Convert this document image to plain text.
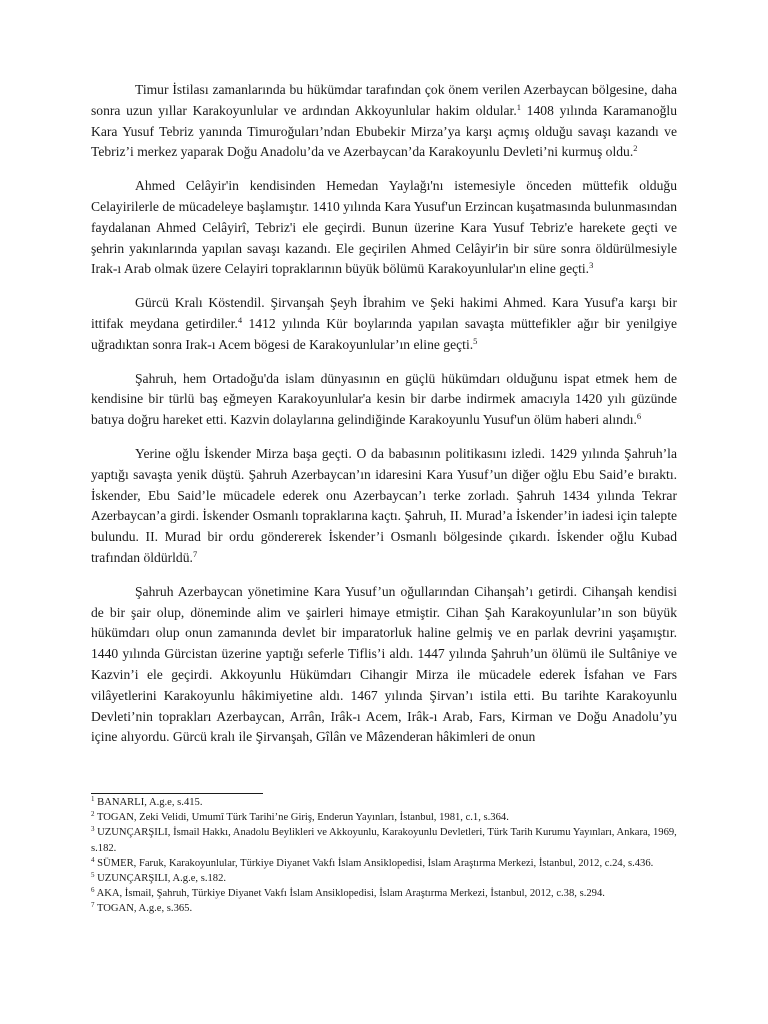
Timur İstilası zamanlarında bu hükümdar tarafından çok önem verilen Azerbaycan bölgesine, daha sonra uzun yıllar Karakoyunlular ve ardından Akkoyunlular hakim oldular.$^1$ 1408 yılında Karamanoğlu Kara Yusuf Tebriz yanında Timuroğuları’ndan Ebubekir Mirza’ya karşı açmış olduğu savaşı kazandı ve Tebriz’i merkez yaparak Doğu Anadolu’da ve Azerbaycan’da Karakoyunlu Devleti’ni kurmuş oldu.$^2$

Ahmed Celâyir'in kendisinden Hemedan Yaylağı'nı istemesiyle önceden müttefik olduğu Celayirilerle de mücadeleye başlamıştır. 1410 yılında Kara Yusuf'un Erzincan kuşatmasında bulunmasından faydalanan Ahmed Celâyirî, Tebriz'i ele geçirdi. Bunun üzerine Kara Yusuf Tebriz'e harekete geçti ve şehrin yakınlarında yapılan savaşı kazandı. Ele geçirilen Ahmed Celâyir'in bir süre sonra öldürülmesiyle Irak-ı Arab olmak üzere Celayiri topraklarının büyük bölümü Karakoyunlular'ın eline geçti.$^3$

Gürcü Kralı Köstendil. Şirvanşah Şeyh İbrahim ve Şeki hakimi Ahmed. Kara Yusuf'a karşı bir ittifak meydana getirdiler.$^4$ 1412 yılında Kür boylarında yapılan savaşta müttefikler ağır bir yenilgiye uğradıktan sonra Irak-ı Acem bögesi de Karakoyunlular’ın eline geçti.$^5$

Şahruh, hem Ortadoğu'da islam dünyasının en güçlü hükümdarı olduğunu ispat etmek hem de kendisine bir türlü baş eğmeyen Karakoyunlular'a kesin bir darbe indirmek amacıyla 1420 yılı güzünde batıya doğru hareket etti. Kazvin dolaylarına gelindiğinde Karakoyunlu Yusuf'un ölüm haberi alındı.$^6$

Yerine oğlu İskender Mirza başa geçti. O da babasının politikasını izledi. 1429 yılında Şahruh’la yaptığı savaşta yenik düştü. Şahruh Azerbaycan’ın idaresini Kara Yusuf’un diğer oğlu Ebu Said’e bıraktı. İskender, Ebu Said’le mücadele ederek onu Azerbaycan’ı terke zorladı. Şahruh 1434 yılında Tekrar Azerbaycan’a girdi. İskender Osmanlı topraklarına kaçtı. Şahruh, II. Murad’a İskender’in iadesi için talepte bulundu. II. Murad bir ordu göndererek İskender’i Osmanlı bölgesinde çıkardı. İskender oğlu Kubad trafından öldürldü.$^7$

Şahruh Azerbaycan yönetimine Kara Yusuf’un oğullarından Cihanşah’ı getirdi. Cihanşah kendisi de bir şair olup, döneminde alim ve şairleri himaye etmiştir. Cihan Şah Karakoyunlular’ın son büyük hükümdarı olup onun zamanında devlet bir imparatorluk haline gelmiş ve en parlak devrini yaşamıştır. 1440 yılında Gürcistan üzerine yaptığı seferle Tiflis’i aldı. 1447 yılında Şahruh’un ölümü ile Sultâniye ve Kazvin’i ele geçirdi. Akkoyunlu Hükümdarı Cihangir Mirza ile mücadele ederek İsfahan ve Fars vilâyetlerini Karakoyunlu hâkimiyetine aldı. 1467 yılında Şirvan’ı istila etti. Bu tarihte Karakoyunlu Devleti’nin toprakları Azerbaycan, Arrân, Irâk-ı Acem, Irâk-ı Arab, Fars, Kirman ve Doğu Anadolu’yu içine alıyordu. Gürcü kralı ile Şirvanşah, Gîlân ve Mâzenderan hâkimleri de onun

$^1$ BANARLI, A.g.e, s.415.

$^2$ TOGAN, Zeki Velidi, Umumî Türk Tarihi’ne Giriş, Enderun Yayınları, İstanbul, 1981, c.1, s.364.

$^3$ UZUNÇARŞILI, İsmail Hakkı, Anadolu Beylikleri ve Akkoyunlu, Karakoyunlu Devletleri, Türk Tarih Kurumu Yayınları, Ankara, 1969, s.182.

$^4$ SÜMER, Faruk, Karakoyunlular, Türkiye Diyanet Vakfı İslam Ansiklopedisi, İslam Araştırma Merkezi, İstanbul, 2012, c.24, s.436.

$^5$ UZUNÇARŞILI, A.g.e, s.182.

$^6$ AKA, İsmail, Şahruh, Türkiye Diyanet Vakfı İslam Ansiklopedisi, İslam Araştırma Merkezi, İstanbul, 2012, c.38, s.294.

$^7$ TOGAN, A.g.e, s.365.
